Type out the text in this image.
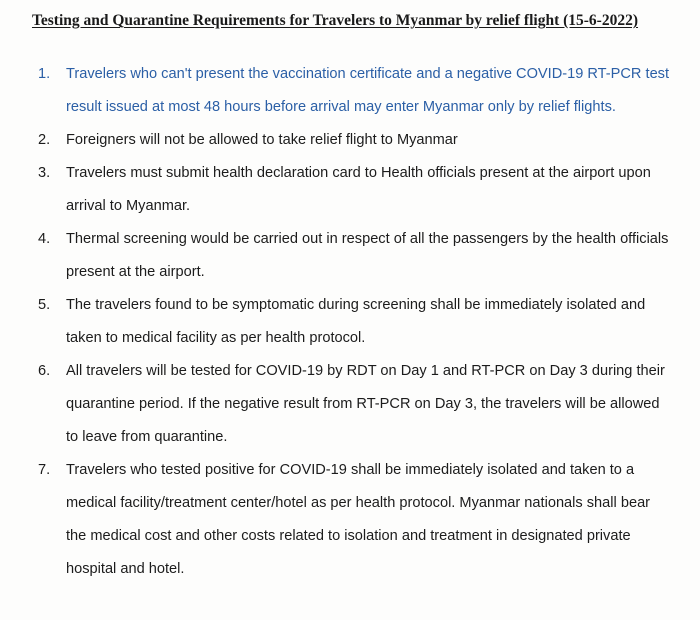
Testing and Quarantine Requirements for Travelers to Myanmar by relief flight (15-6-2022)
1.	Travelers who can't present the vaccination certificate and a negative COVID-19 RT-PCR test result issued at most 48 hours before arrival may enter Myanmar only by relief flights.
2.	Foreigners will not be allowed to take relief flight to Myanmar
3.	Travelers must submit health declaration card to Health officials present at the airport upon arrival to Myanmar.
4.	Thermal screening would be carried out in respect of all the passengers by the health officials present at the airport.
5.	The travelers found to be symptomatic during screening shall be immediately isolated and taken to medical facility as per health protocol.
6.	All travelers will be tested for COVID-19 by RDT on Day 1 and RT-PCR on Day 3 during their quarantine period. If the negative result from RT-PCR on Day 3, the travelers will be allowed to leave from quarantine.
7.	Travelers who tested positive for COVID-19 shall be immediately isolated and taken to a medical facility/treatment center/hotel as per health protocol. Myanmar nationals shall bear the medical cost and other costs related to isolation and treatment in designated private hospital and hotel.
